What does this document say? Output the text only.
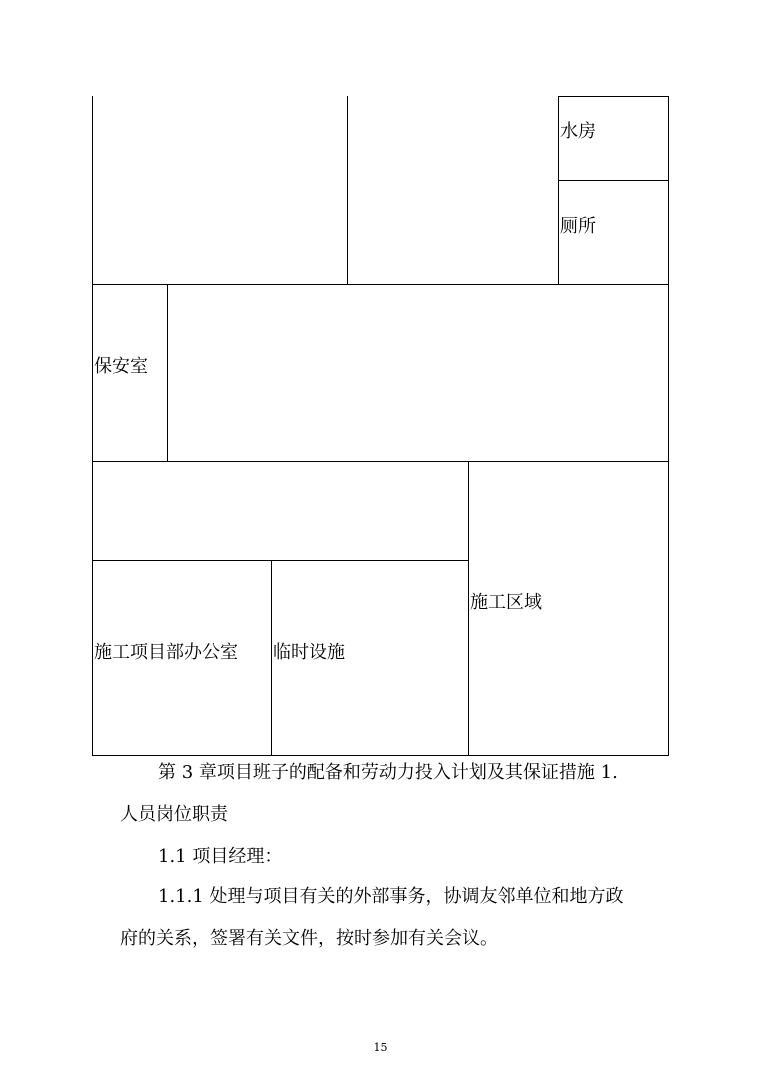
水房
厕所
保安室
施工区域
施工项目部办公室 临时设施
第 3 章项目班子的配备和劳动力投入计划及其保证措施 1.
人员岗位职责
1.1 项目经理：
1.1.1 处理与项目有关的外部事务，协调友邻单位和地方政
府的关系，签署有关文件，按时参加有关会议。
15
